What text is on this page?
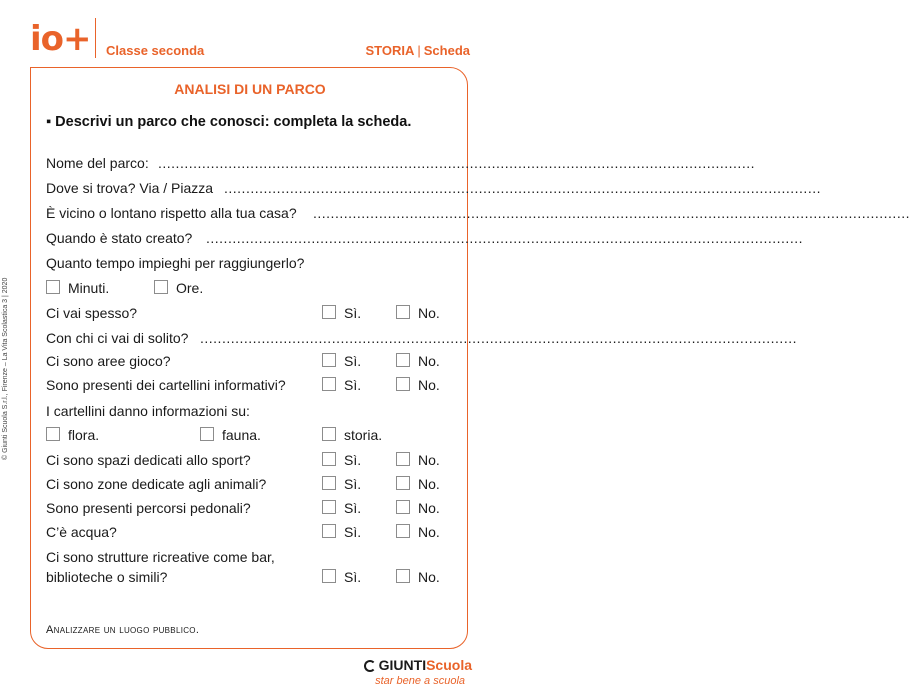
io+ Classe seconda	STORIA | Scheda
ANALISI DI UN PARCO
▪ Descrivi un parco che conosci: completa la scheda.
Nome del parco: ........................................................................................................................................
Dove si trova? Via / Piazza ........................................................................................................................................
È vicino o lontano rispetto alla tua casa? ........................................................................................................................................
Quando è stato creato? ........................................................................................................................................
Quanto tempo impieghi per raggiungerlo?
Minuti.	Ore.
Ci vai spesso?	Sì.	No.
Con chi ci vai di solito? ........................................................................................................................................
Ci sono aree gioco?	Sì.	No.
Sono presenti dei cartellini informativi?	Sì.	No.
I cartellini danno informazioni su:
flora.	fauna.	storia.
Ci sono spazi dedicati allo sport?	Sì.	No.
Ci sono zone dedicate agli animali?	Sì.	No.
Sono presenti percorsi pedonali?	Sì.	No.
C’è acqua?	Sì.	No.
Ci sono strutture ricreative come bar,
biblioteche o simili?	Sì.	No.
Analizzare un luogo pubblico.
© Giunti Scuola S.r.l., Firenze – La Vita Scolastica 3 | 2020
GIUNTIScuola
star bene a scuola
